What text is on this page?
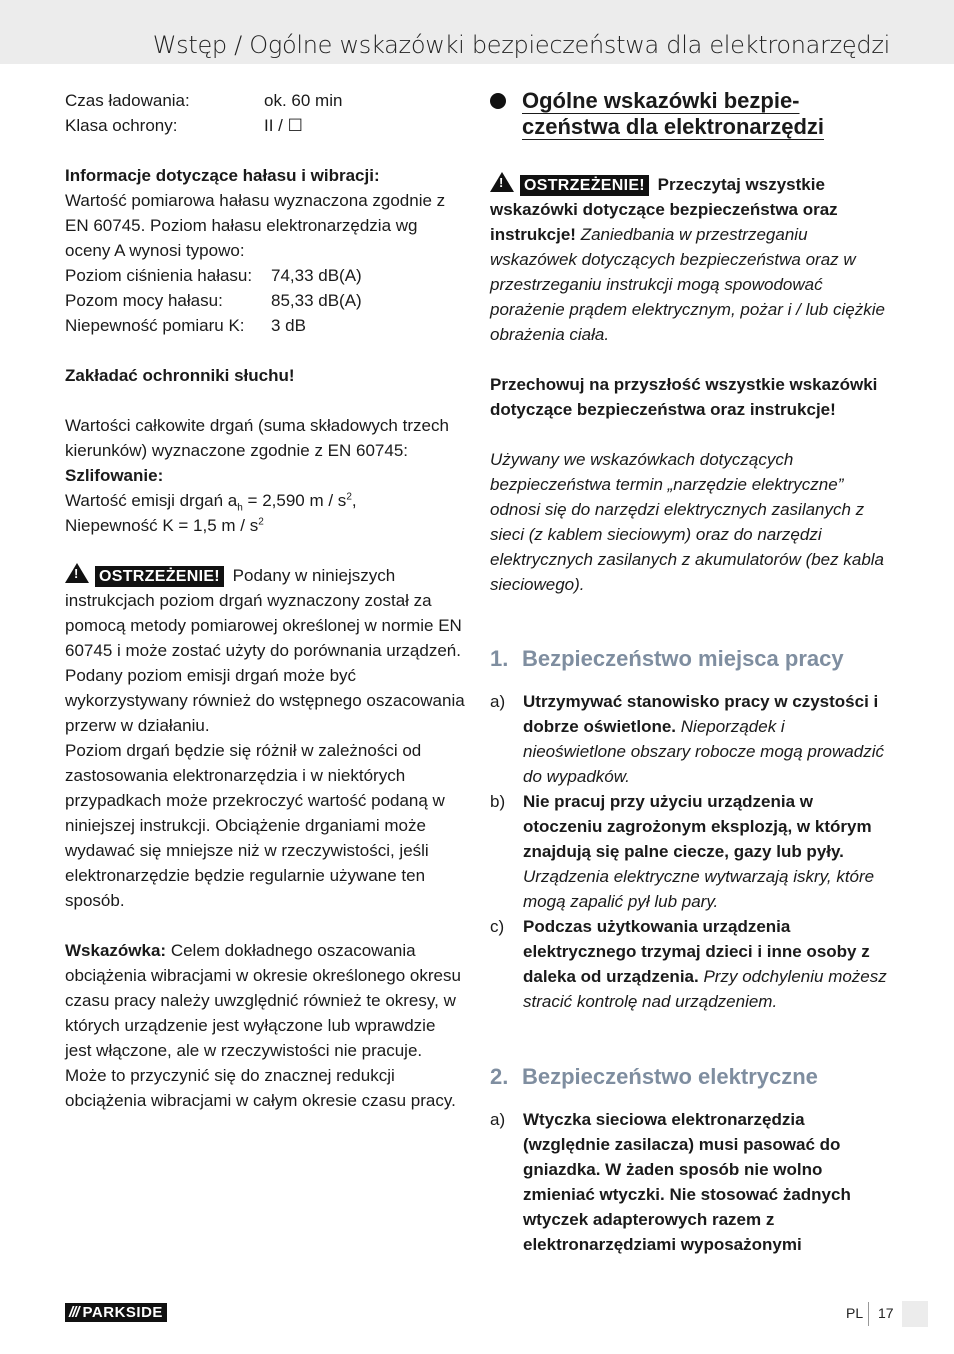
Wstęp / Ogólne wskazówki bezpieczeństwa dla elektronarzędzi
Czas ładowania:	ok. 60 min
Klasa ochrony:	II / ☐

Informacje dotyczące hałasu i wibracji:

Wartość pomiarowa hałasu wyznaczona zgodnie z EN 60745. Poziom hałasu elektronarzędzia wg oceny A wynosi typowo:

Poziom ciśnienia hałasu:	74,33 dB(A)
Pozom mocy hałasu:	85,33 dB(A)
Niepewność pomiaru K:	3 dB

Zakładać ochronniki słuchu!

Wartości całkowite drgań (suma składowych trzech kierunków) wyznaczone zgodnie z EN 60745:

Szlifowanie:

Wartość emisji drgań $a_h = 2,590$ m / $s^2$,

Niepewność K = 1,5 m / $s^2$

!OSTRZEŻENIE! Podany w niniejszych instrukcjach poziom drgań wyznaczony został za pomocą metody pomiarowej określonej w normie EN 60745 i może zostać użyty do porównania urządzeń. Podany poziom emisji drgań może być wykorzystywany również do wstępnego oszacowania przerw w działaniu.

Poziom drgań będzie się różnił w zależności od zastosowania elektronarzędzia i w niektórych przypadkach może przekroczyć wartość podaną w niniejszej instrukcji. Obciążenie drganiami może wydawać się mniejsze niż w rzeczywistości, jeśli elektronarzędzie będzie regularnie używane ten sposób.

Wskazówka: Celem dokładnego oszacowania obciążenia wibracjami w okresie określonego okresu czasu pracy należy uwzględnić również te okresy, w których urządzenie jest wyłączone lub wprawdzie jest włączone, ale w rzeczywistości nie pracuje. Może to przyczynić się do znacznej redukcji obciążenia wibracjami w całym okresie czasu pracy.

Ogólne wskazówki bezpie-
czeństwa dla elektronarzędzi

!OSTRZEŻENIE! Przeczytaj wszystkie wskazówki dotyczące bezpieczeństwa oraz instrukcje! Zaniedbania w przestrzeganiu wskazówek dotyczących bezpieczeństwa oraz w przestrzeganiu instrukcji mogą spowodować porażenie prądem elektrycznym, pożar i / lub ciężkie obrażenia ciała.

Przechowuj na przyszłość wszystkie wskazówki dotyczące bezpieczeństwa oraz instrukcje!

Używany we wskazówkach dotyczących bezpieczeństwa termin „narzędzie elektryczne” odnosi się do narzędzi elektrycznych zasilanych z sieci (z kablem sieciowym) oraz do narzędzi elektrycznych zasilanych z akumulatorów (bez kabla sieciowego).

1. Bezpieczeństwo miejsca pracy
a)	Utrzymywać stanowisko pracy w czystości i dobrze oświetlone. Nieporządek i nieoświetlone obszary robocze mogą prowadzić do wypadków.
b)	Nie pracuj przy użyciu urządzenia w otoczeniu zagrożonym eksplozją, w którym znajdują się palne ciecze, gazy lub pyły. Urządzenia elektryczne wytwarzają iskry, które mogą zapalić pył lub pary.
c)	Podczas użytkowania urządzenia elektrycznego trzymaj dzieci i inne osoby z daleka od urządzenia. Przy odchyleniu możesz stracić kontrolę nad urządzeniem.
2. Bezpieczeństwo elektryczne
a)	Wtyczka sieciowa elektronarzędzia (względnie zasilacza) musi pasować do gniazdka. W żaden sposób nie wolno zmieniać wtyczki. Nie stosować żadnych wtyczek adapterowych razem z elektronarzędziami wyposażonymi
/// PARKSIDE	PL 17
